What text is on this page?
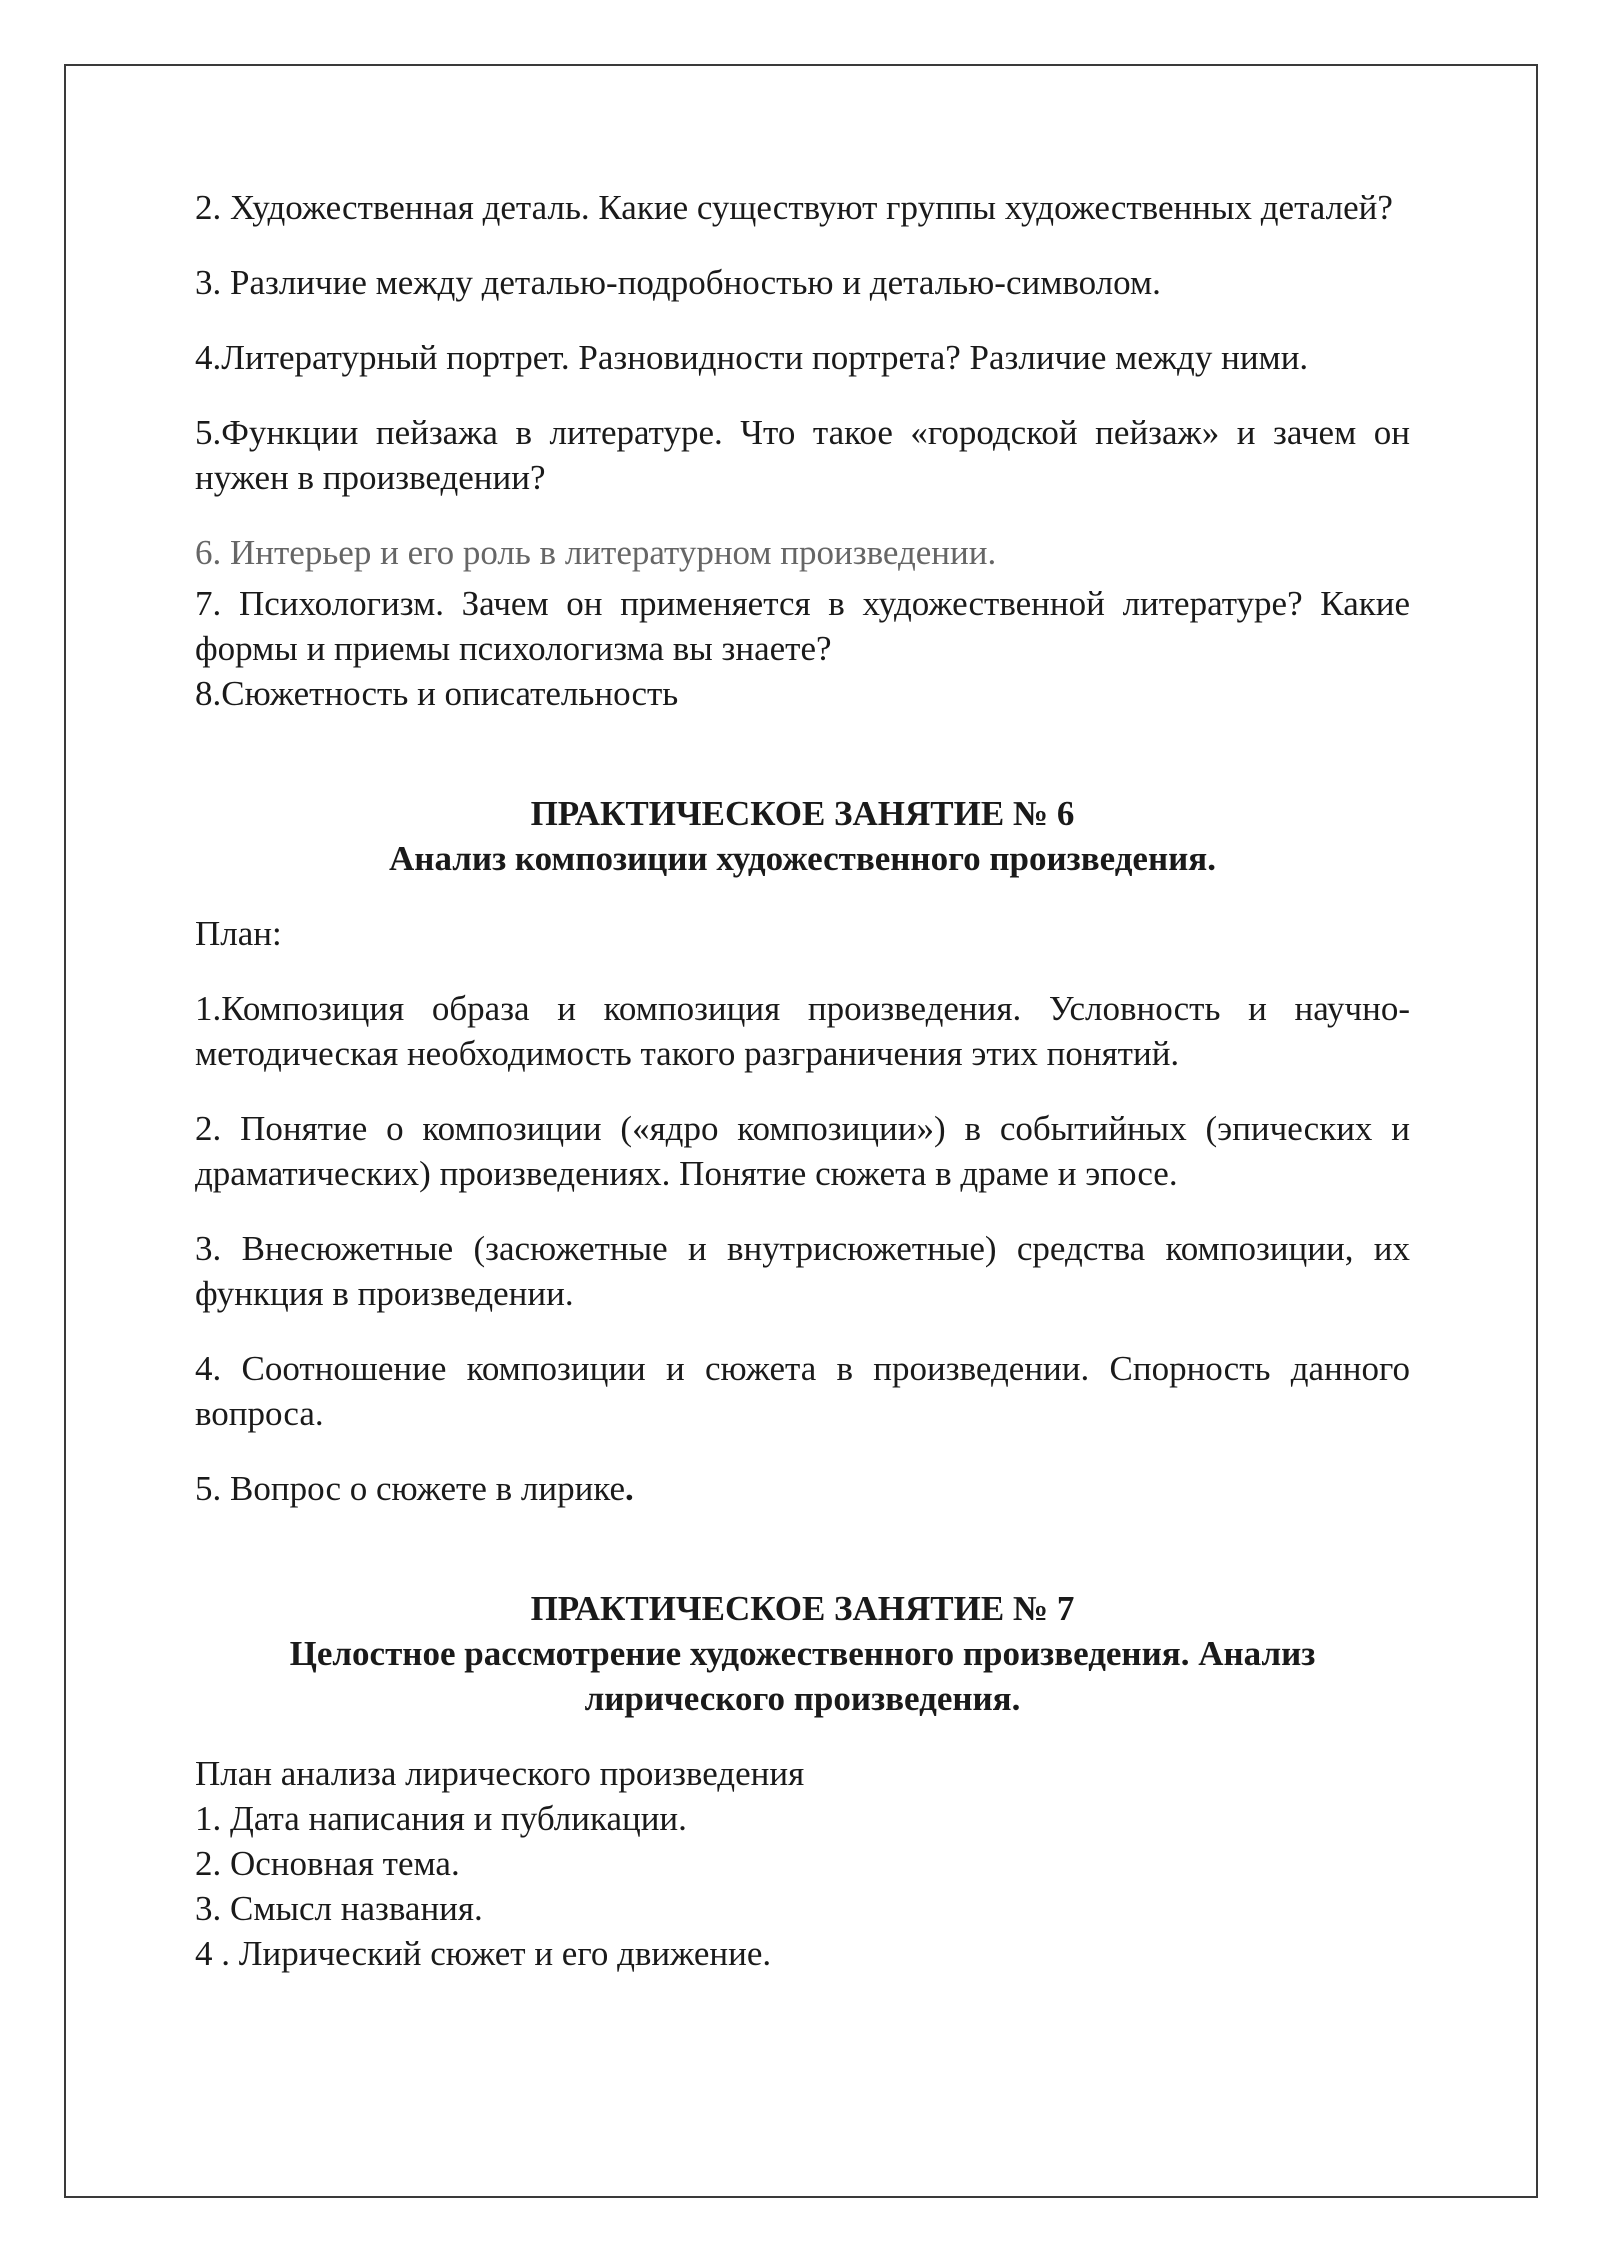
2. Художественная деталь. Какие существуют группы художественных деталей?

3. Различие между деталью-подробностью и деталью-символом.

4.Литературный портрет. Разновидности портрета? Различие между ними.

5.Функции пейзажа в литературе. Что такое «городской пейзаж» и зачем он нужен в произведении?

6. Интерьер и его роль в литературном произведении.

7. Психологизм. Зачем он применяется в художественной литературе? Какие формы и приемы психологизма вы знаете?

8.Сюжетность и описательность

ПРАКТИЧЕСКОЕ ЗАНЯТИЕ № 6

Анализ композиции художественного произведения.

План:

1.Композиция образа и композиция произведения. Условность и научно-методическая необходимость такого разграничения этих понятий.

2. Понятие о композиции («ядро композиции») в событийных (эпических и драматических) произведениях. Понятие сюжета в драме и эпосе.

3. Внесюжетные (засюжетные и внутрисюжетные) средства композиции, их функция в произведении.

4. Соотношение композиции и сюжета в произведении. Спорность данного вопроса.

5. Вопрос о сюжете в лирике.

ПРАКТИЧЕСКОЕ ЗАНЯТИЕ № 7

Целостное рассмотрение художественного произведения. Анализ

лирического произведения.

План анализа лирического произведения

1. Дата написания и публикации.

2. Основная тема.

3. Смысл названия.

4 . Лирический сюжет и его движение.
